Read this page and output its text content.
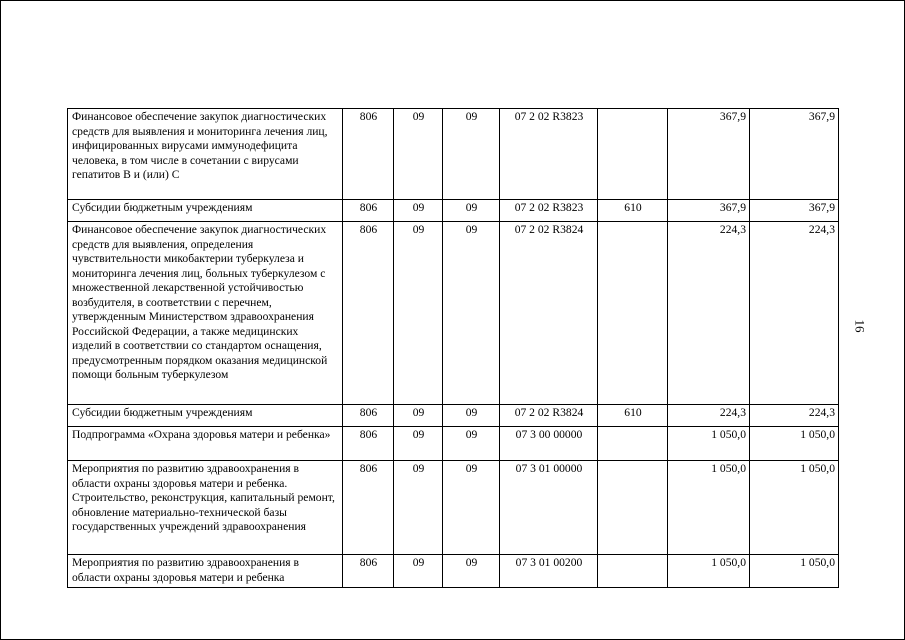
Финансовое обеспечение закупок диагностических средств для выявления и мониторинга лечения лиц, инфицированных вирусами иммунодефицита человека, в том числе в сочетании с вирусами гепатитов В и (или) С	806	09	09	07 2 02 R3823		367,9	367,9
Субсидии бюджетным учреждениям	806	09	09	07 2 02 R3823	610	367,9	367,9
Финансовое обеспечение закупок диагностических средств для выявления, определения чувствительности микобактерии туберкулеза и мониторинга лечения лиц, больных туберкулезом с множественной лекарственной устойчивостью возбудителя, в соответствии с перечнем, утвержденным Министерством здравоохранения Российской Федерации, а также медицинских изделий в соответствии со стандартом оснащения, предусмотренным порядком оказания медицинской помощи больным туберкулезом	806	09	09	07 2 02 R3824		224,3	224,3
Субсидии бюджетным учреждениям	806	09	09	07 2 02 R3824	610	224,3	224,3
Подпрограмма «Охрана здоровья матери и ребенка»	806	09	09	07 3 00 00000		1 050,0	1 050,0
Мероприятия по развитию здравоохранения в области охраны здоровья матери и ребенка. Строительство, реконструкция, капитальный ремонт, обновление материально-технической базы государственных учреждений здравоохранения	806	09	09	07 3 01 00000		1 050,0	1 050,0
Мероприятия по развитию здравоохранения в области охраны здоровья матери и ребенка	806	09	09	07 3 01 00200		1 050,0	1 050,0
16
